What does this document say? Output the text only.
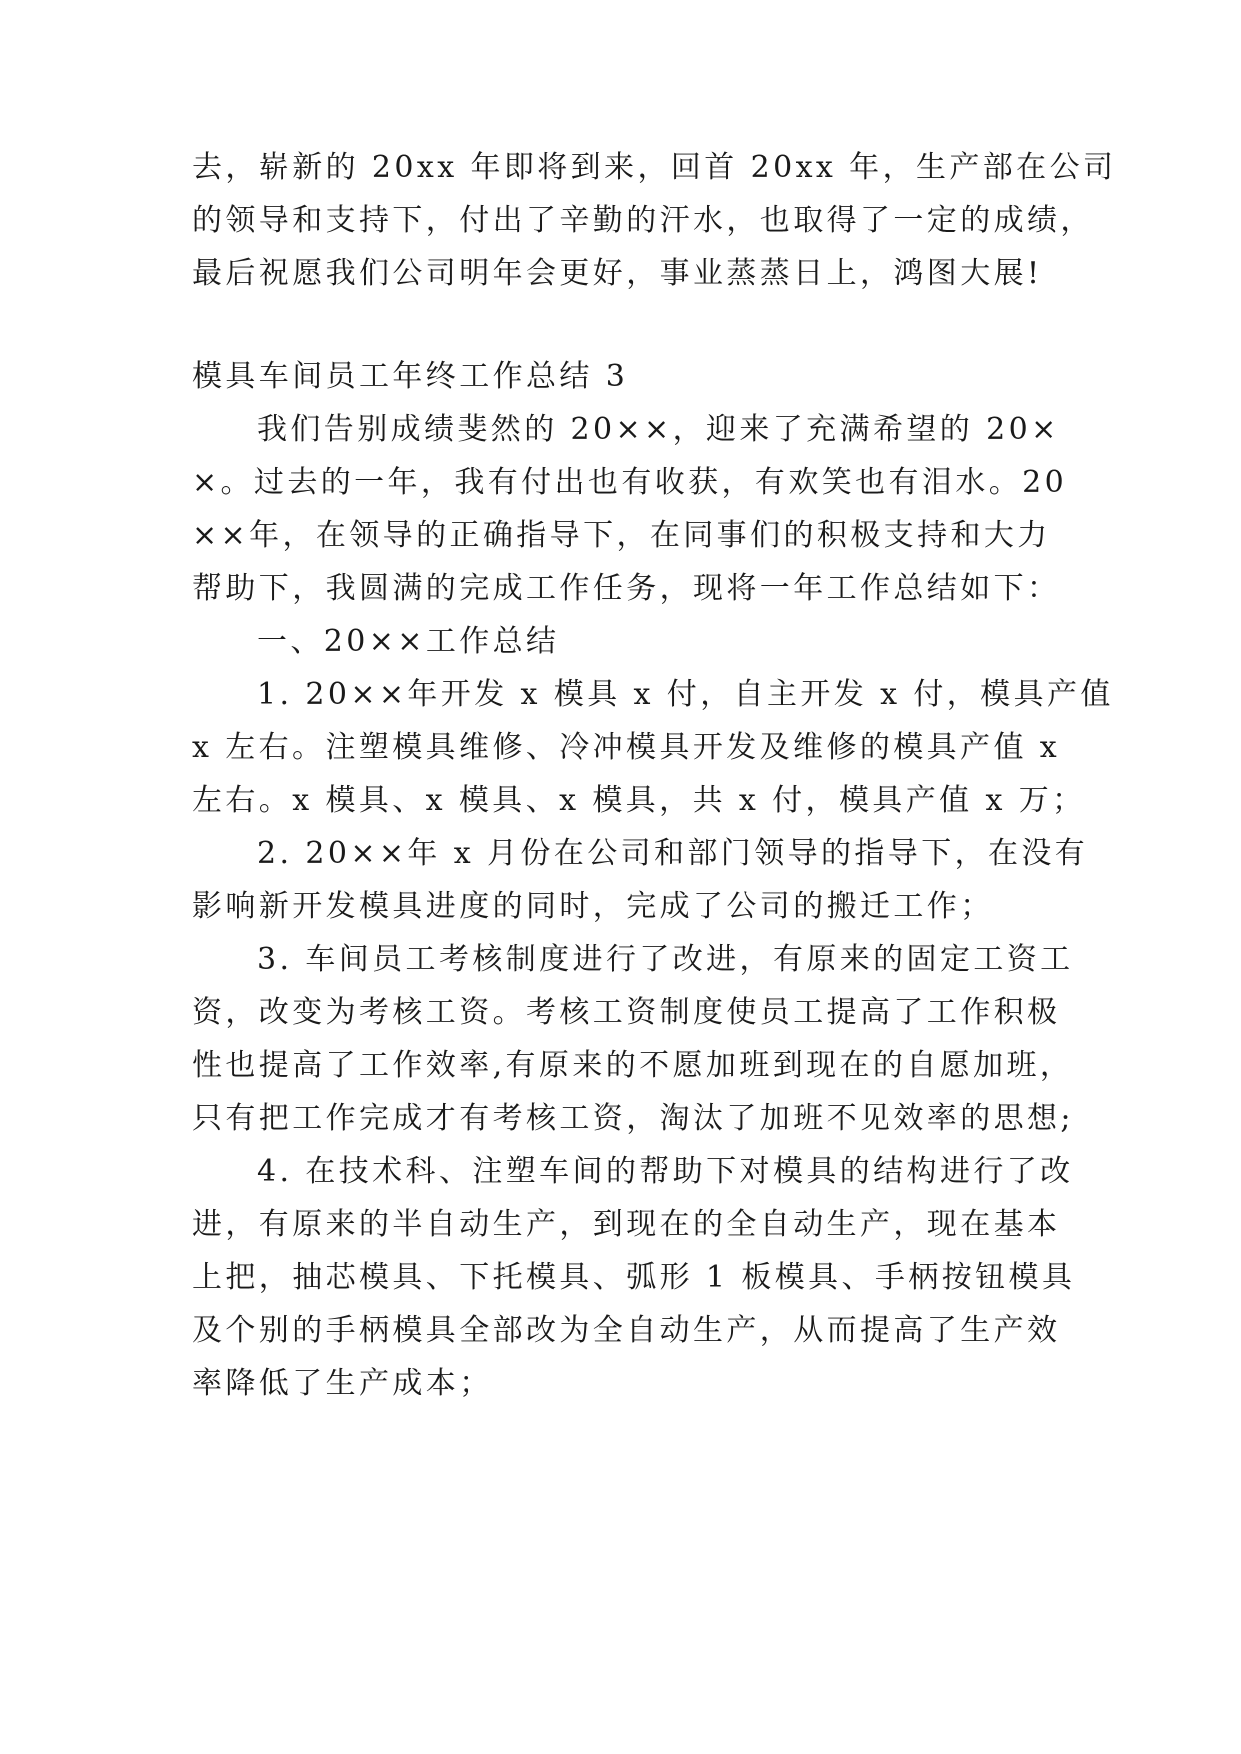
去，崭新的 20xx 年即将到来，回首 20xx 年，生产部在公司
的领导和支持下，付出了辛勤的汗水，也取得了一定的成绩，
最后祝愿我们公司明年会更好，事业蒸蒸日上，鸿图大展!
模具车间员工年终工作总结 3
我们告别成绩斐然的 20××，迎来了充满希望的 20×
×。过去的一年，我有付出也有收获，有欢笑也有泪水。20
××年，在领导的正确指导下，在同事们的积极支持和大力
帮助下，我圆满的完成工作任务，现将一年工作总结如下：
一、20××工作总结
1. 20××年开发 x 模具 x 付，自主开发 x 付，模具产值
x 左右。注塑模具维修、冷冲模具开发及维修的模具产值 x
左右。x 模具、x 模具、x 模具，共 x 付，模具产值 x 万；
2. 20××年 x 月份在公司和部门领导的指导下，在没有
影响新开发模具进度的同时，完成了公司的搬迁工作；
3. 车间员工考核制度进行了改进，有原来的固定工资工
资，改变为考核工资。考核工资制度使员工提高了工作积极
性也提高了工作效率,有原来的不愿加班到现在的自愿加班，
只有把工作完成才有考核工资，淘汰了加班不见效率的思想;
4. 在技术科、注塑车间的帮助下对模具的结构进行了改
进，有原来的半自动生产，到现在的全自动生产，现在基本
上把，抽芯模具、下托模具、弧形 1 板模具、手柄按钮模具
及个别的手柄模具全部改为全自动生产，从而提高了生产效
率降低了生产成本；
